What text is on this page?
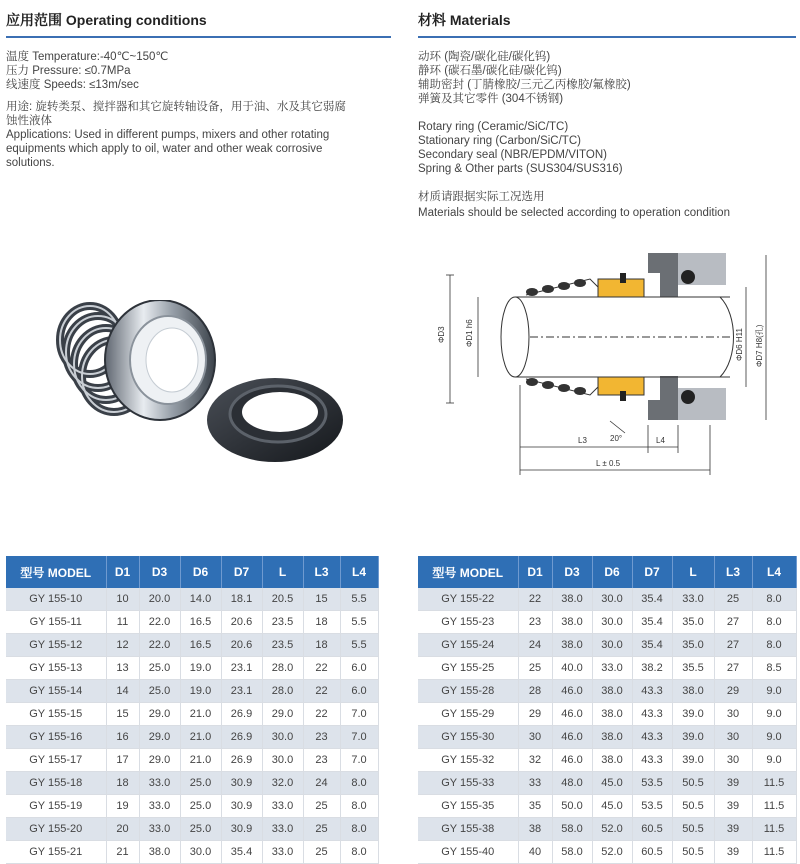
应用范围 Operating conditions
温度 Temperature:-40℃~150℃
压力 Pressure: ≤0.7MPa
线速度 Speeds: ≤13m/sec
用途: 旋转类泵、搅拌器和其它旋转轴设备，用于油、水及其它弱腐
蚀性液体
Applications: Used in different pumps, mixers and other rotating
equipments which apply to oil, water and other weak corrosive
solutions.
材料 Materials
动环 (陶瓷/碳化硅/碳化钨)
静环 (碳石墨/碳化硅/碳化钨)
辅助密封 (丁腈橡胶/三元乙丙橡胶/氟橡胶)
弹簧及其它零件 (304不锈钢)
Rotary ring (Ceramic/SiC/TC)
Stationary ring (Carbon/SiC/TC)
Secondary seal (NBR/EPDM/VITON)
Spring & Other parts (SUS304/SUS316)
材质请跟据实际工况选用
Materials should be selected according to operation condition
ΦD3 ΦD1 h6	ΦD6 H11 ΦD7 H8(孔)
20°
L3	L4
L ± 0.5
型号 MODEL	D1	D3	D6	D7	L	L3	L4
GY 155-10	10	20.0	14.0	18.1	20.5	15	5.5
GY 155-11	11	22.0	16.5	20.6	23.5	18	5.5
GY 155-12	12	22.0	16.5	20.6	23.5	18	5.5
GY 155-13	13	25.0	19.0	23.1	28.0	22	6.0
GY 155-14	14	25.0	19.0	23.1	28.0	22	6.0
GY 155-15	15	29.0	21.0	26.9	29.0	22	7.0
GY 155-16	16	29.0	21.0	26.9	30.0	23	7.0
GY 155-17	17	29.0	21.0	26.9	30.0	23	7.0
GY 155-18	18	33.0	25.0	30.9	32.0	24	8.0
GY 155-19	19	33.0	25.0	30.9	33.0	25	8.0
GY 155-20	20	33.0	25.0	30.9	33.0	25	8.0
GY 155-21	21	38.0	30.0	35.4	33.0	25	8.0
型号 MODEL	D1	D3	D6	D7	L	L3	L4
GY 155-22	22	38.0	30.0	35.4	33.0	25	8.0
GY 155-23	23	38.0	30.0	35.4	35.0	27	8.0
GY 155-24	24	38.0	30.0	35.4	35.0	27	8.0
GY 155-25	25	40.0	33.0	38.2	35.5	27	8.5
GY 155-28	28	46.0	38.0	43.3	38.0	29	9.0
GY 155-29	29	46.0	38.0	43.3	39.0	30	9.0
GY 155-30	30	46.0	38.0	43.3	39.0	30	9.0
GY 155-32	32	46.0	38.0	43.3	39.0	30	9.0
GY 155-33	33	48.0	45.0	53.5	50.5	39	11.5
GY 155-35	35	50.0	45.0	53.5	50.5	39	11.5
GY 155-38	38	58.0	52.0	60.5	50.5	39	11.5
GY 155-40	40	58.0	52.0	60.5	50.5	39	11.5
